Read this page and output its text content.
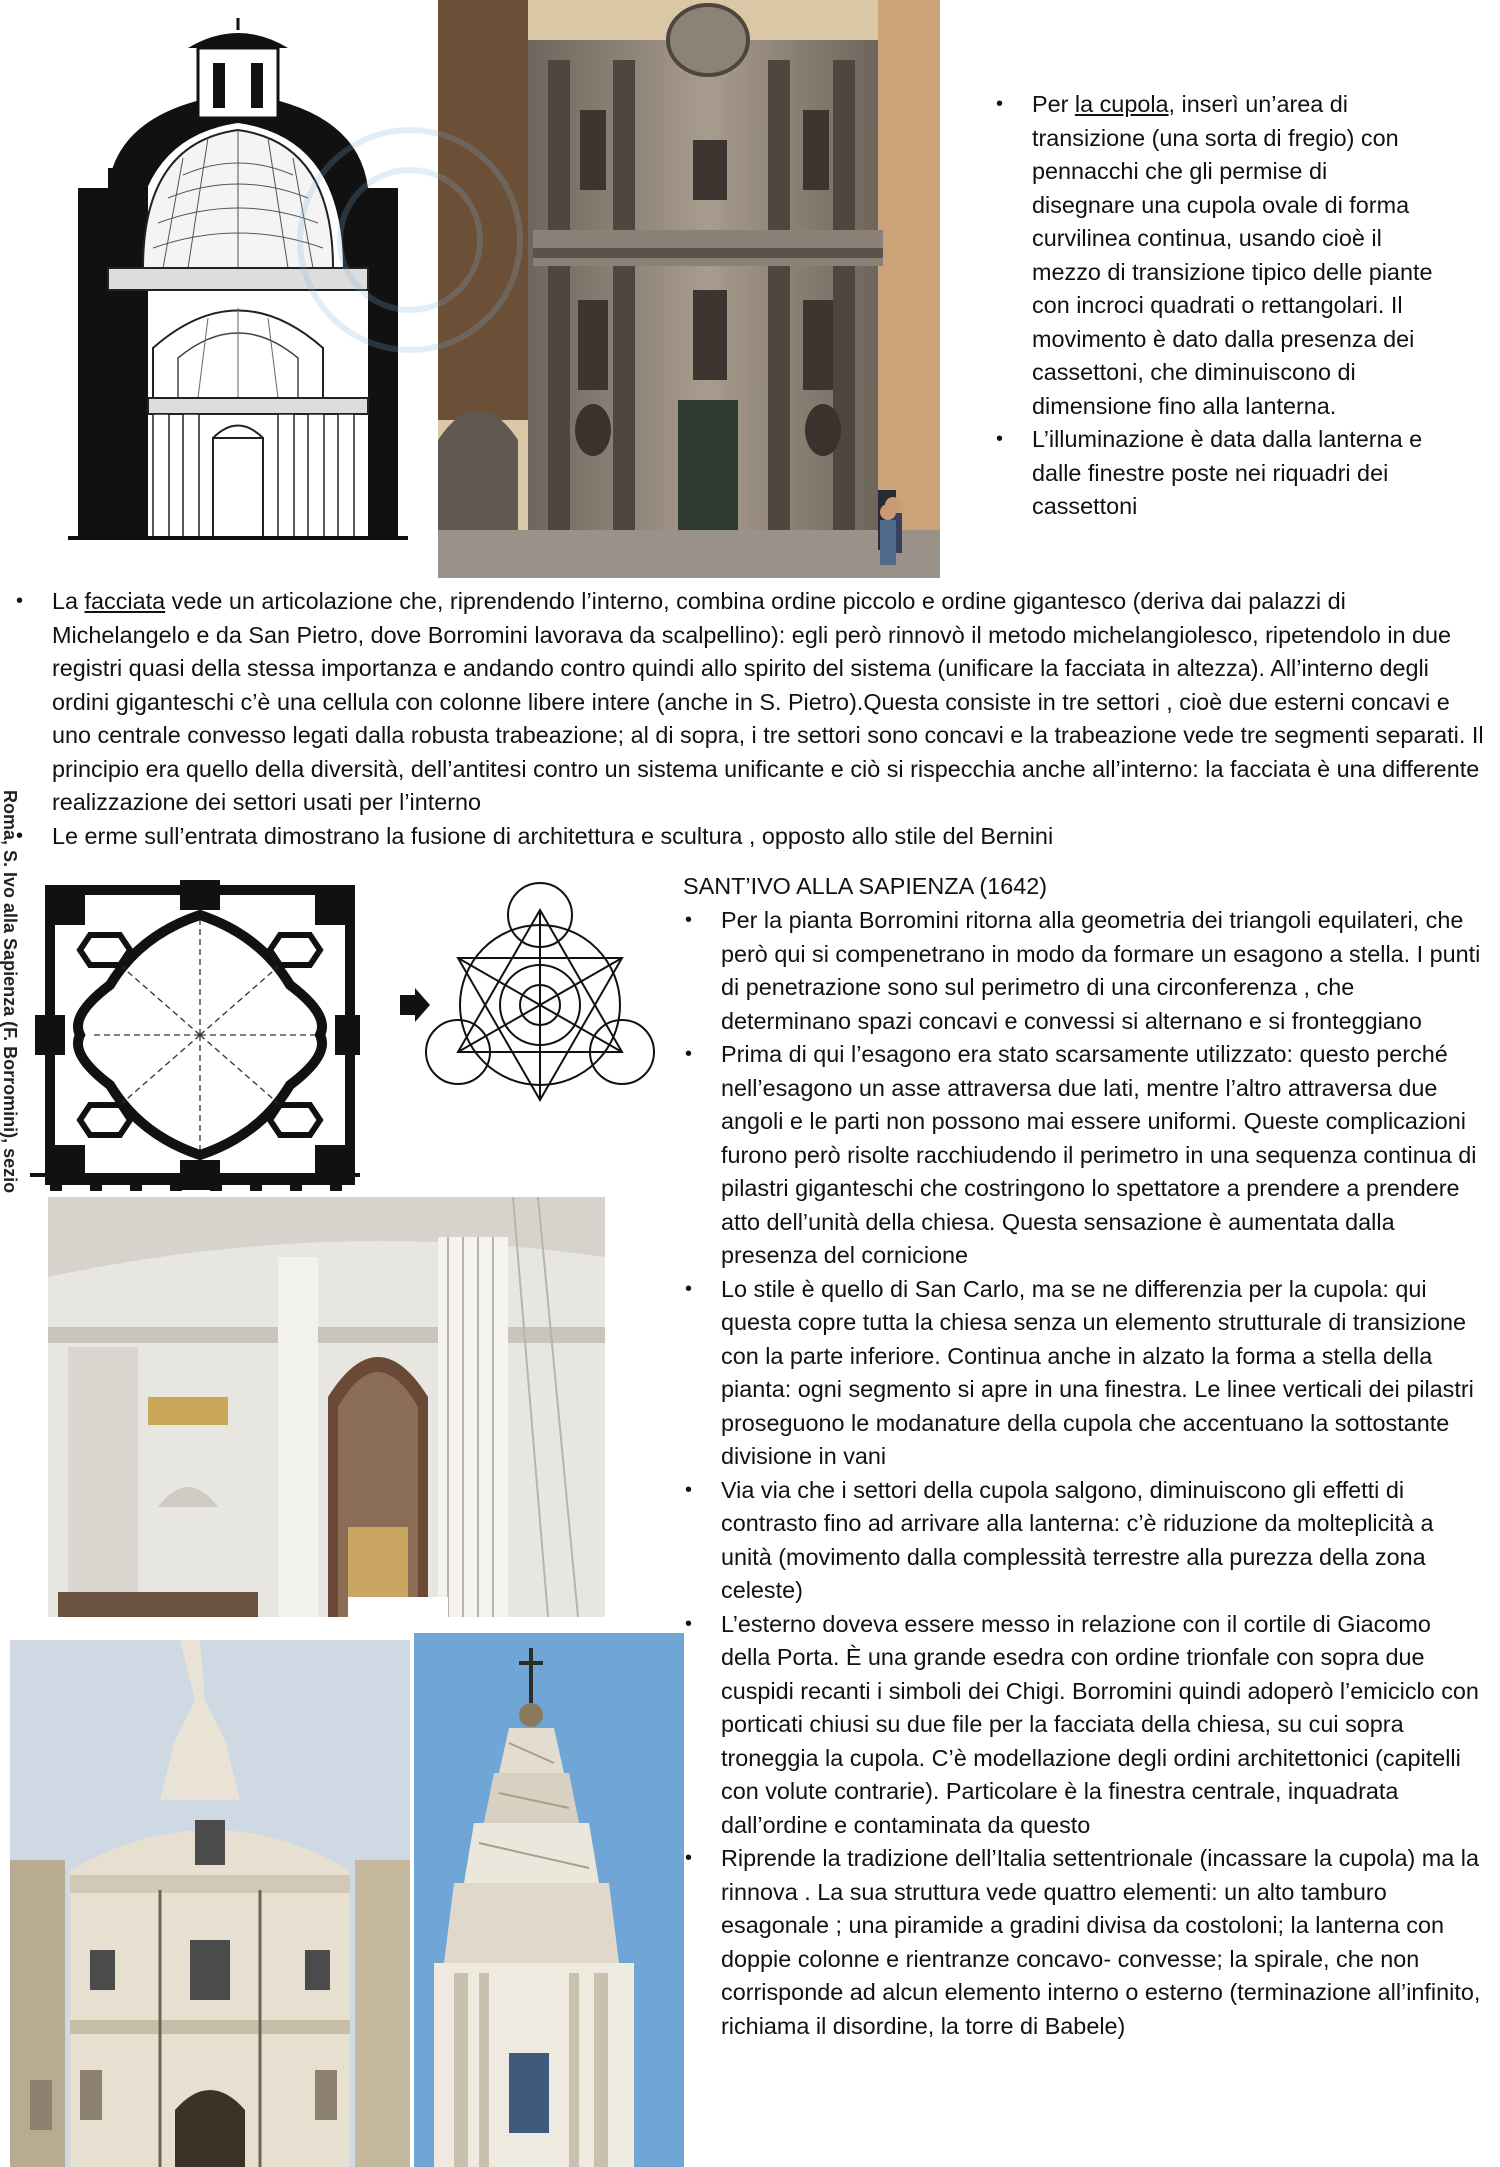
• Per la cupola, inserì un’area di transizione (una sorta di fregio) con pennacchi che gli permise di disegnare una cupola ovale di forma curvilinea continua, usando cioè il mezzo di transizione tipico delle piante con incroci quadrati o rettangolari. Il movimento è dato dalla presenza dei cassettoni, che diminuiscono di dimensione fino alla lanterna.
• L’illuminazione è data dalla lanterna e dalle finestre poste nei riquadri dei cassettoni
• La facciata vede un articolazione che, riprendendo l’interno, combina ordine piccolo e ordine gigantesco (deriva dai palazzi di Michelangelo e da San Pietro, dove Borromini lavorava da scalpellino): egli però rinnovò il metodo michelangiolesco, ripetendolo in due registri quasi della stessa importanza e andando contro quindi allo spirito del sistema (unificare la facciata in altezza). All’interno degli ordini giganteschi c’è una cellula con colonne libere intere (anche in S. Pietro).Questa consiste in tre settori , cioè due esterni concavi e uno centrale convesso legati dalla robusta trabeazione; al di sopra, i tre settori sono concavi e la trabeazione vede tre segmenti separati. Il principio era quello della diversità, dell’antitesi contro un sistema unificante e ciò si rispecchia anche all’interno: la facciata è una differente realizzazione dei settori usati per l’interno
• Le erme sull’entrata dimostrano la fusione di architettura e scultura , opposto allo stile del Bernini
Roma, S. Ivo alla Sapienza (F. Borromini), sezio	SANT’IVO ALLA SAPIENZA (1642)
• Per la pianta Borromini ritorna alla geometria dei triangoli equilateri, che però qui si compenetrano in modo da formare un esagono a stella. I punti di penetrazione sono sul perimetro di una circonferenza , che determinano spazi concavi e convessi si alternano e si fronteggiano
• Prima di qui l’esagono era stato scarsamente utilizzato: questo perché nell’esagono un asse attraversa due lati, mentre l’altro attraversa due angoli e le parti non possono mai essere uniformi. Queste complicazioni furono però risolte racchiudendo il perimetro in una sequenza continua di pilastri giganteschi che costringono lo spettatore a prendere a prendere atto dell’unità della chiesa. Questa sensazione è aumentata dalla presenza del cornicione
• Lo stile è quello di San Carlo, ma se ne differenzia per la cupola: qui questa copre tutta la chiesa senza un elemento strutturale di transizione con la parte inferiore. Continua anche in alzato la forma a stella della pianta: ogni segmento si apre in una finestra. Le linee verticali dei pilastri proseguono le modanature della cupola che accentuano la sottostante divisione in vani
• Via via che i settori della cupola salgono, diminuiscono gli effetti di contrasto fino ad arrivare alla lanterna: c’è riduzione da molteplicità a unità (movimento dalla complessità terrestre alla purezza della zona celeste)
• L’esterno doveva essere messo in relazione con il cortile di Giacomo della Porta. È una grande esedra con ordine trionfale con sopra due cuspidi recanti i simboli dei Chigi. Borromini quindi adoperò l’emiciclo con porticati chiusi su due file per la facciata della chiesa, su cui sopra troneggia la cupola. C’è modellazione degli ordini architettonici (capitelli con volute contrarie). Particolare è la finestra centrale, inquadrata dall’ordine e contaminata da questo
• Riprende la tradizione dell’Italia settentrionale (incassare la cupola) ma la rinnova . La sua struttura vede quattro elementi: un alto tamburo esagonale ; una piramide a gradini divisa da costoloni; la lanterna con doppie colonne e rientranze concavo- convesse; la spirale, che non corrisponde ad alcun elemento interno o esterno (terminazione all’infinito, richiama il disordine, la torre di Babele)
